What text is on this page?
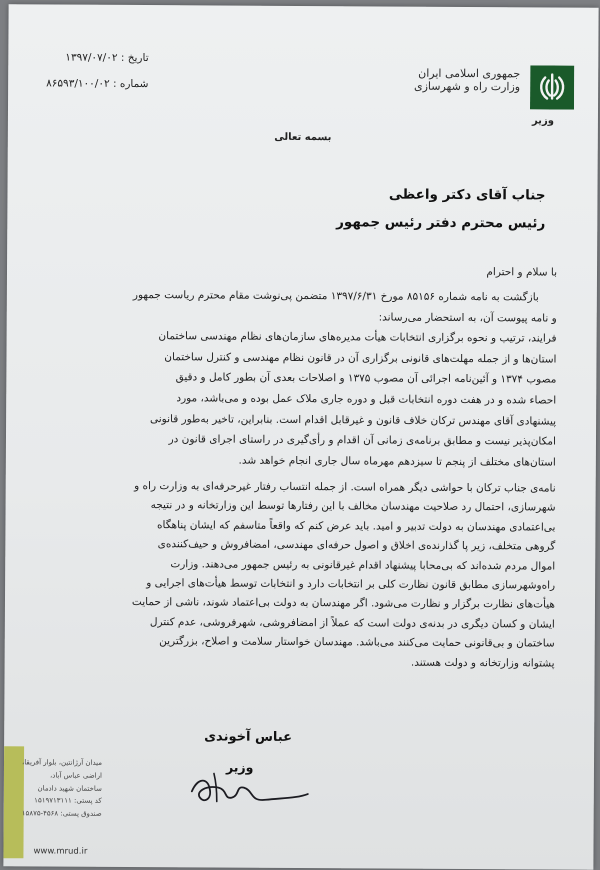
جمهوری اسلامی ایران
وزارت راه و شهرسازی
وزیر
تاریخ : ۱۳۹۷/۰۷/۰۲
شماره : ۸۶۵۹۳/۱۰۰/۰۲
بسمه تعالی
جناب آقای دکتر واعظی
رئیس محترم دفتر رئیس جمهور
با سلام و احترام
بازگشت به نامه شماره ۸۵۱۵۶ مورخ ۱۳۹۷/۶/۳۱ متضمن پی‌نوشت مقام محترم ریاست جمهور
و نامه پیوست آن، به استحضار می‌رساند:
فرایند، ترتیب و نحوه برگزاری انتخابات هیأت مدیره‌های سازمان‌های نظام مهندسی ساختمان
استان‌ها و از جمله مهلت‌های قانونی برگزاری آن در قانون نظام مهندسی و کنترل ساختمان
مصوب ۱۳۷۴ و آئین‌نامه اجرائی آن مصوب ۱۳۷۵ و اصلاحات بعدی آن بطور کامل و دقیق
احصاء شده و در هفت دوره انتخابات قبل و دوره جاری ملاک عمل بوده و می‌باشد، مورد
پیشنهادی آقای مهندس ترکان خلاف قانون و غیرقابل اقدام است. بنابراین، تاخیر به‌طور قانونی
امکان‌پذیر نیست و مطابق برنامه‌ی زمانی آن اقدام و رأی‌گیری در راستای اجرای قانون در
استان‌های مختلف از پنجم تا سیزدهم مهرماه سال جاری انجام خواهد شد.
نامه‌ی جناب ترکان با حواشی دیگر همراه است. از جمله انتساب رفتار غیرحرفه‌ای به وزارت راه و
شهرسازی، احتمال رد صلاحیت مهندسان مخالف با این رفتارها توسط این وزارتخانه و در نتیجه
بی‌اعتمادی مهندسان به دولت تدبیر و امید. باید عرض کنم که واقعاً متاسفم که ایشان پناهگاه
گروهی متخلف، زیر پا گذارنده‌ی اخلاق و اصول حرفه‌ای مهندسی، امضافروش و حیف‌کننده‌ی
اموال مردم شده‌اند که بی‌محابا پیشنهاد اقدام غیرقانونی به رئیس جمهور می‌دهند. وزارت
راه‌وشهرسازی مطابق قانون نظارت کلی بر انتخابات دارد و انتخابات توسط هیأت‌های اجرایی و
هیأت‌های نظارت برگزار و نظارت می‌شود. اگر مهندسان به دولت بی‌اعتماد شوند، ناشی از حمایت
ایشان و کسان دیگری در بدنه‌ی دولت است که عملاً از امضافروشی، شهرفروشی، عدم کنترل
ساختمان و بی‌قانونی حمایت می‌کنند می‌باشد. مهندسان خواستار سلامت و اصلاح، بزرگترین
پشتوانه وزارتخانه و دولت هستند.
عباس آخوندی
وزیر
میدان آرژانتین، بلوار آفریقا،
اراضی عباس آباد،
ساختمان شهید دادمان
کد پستی: ۱۵۱۹۷۱۳۱۱۱
صندوق پستی: ۴۵۶۸-۱۵۸۷۵
www.mrud.ir
